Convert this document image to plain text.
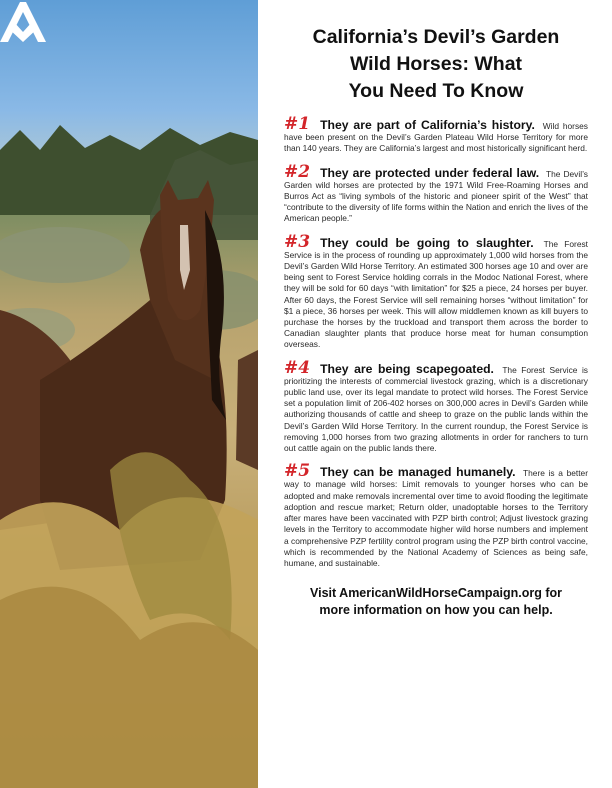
California’s Devil’s Garden
Wild Horses: What
You Need To Know

#1 They are part of California’s history. Wild horses have been present on the Devil’s Garden Plateau Wild Horse Territory for more than 140 years. They are California’s largest and most historically significant herd.

#2 They are protected under federal law. The Devil’s Garden wild horses are protected by the 1971 Wild Free-Roaming Horses and Burros Act as “living symbols of the historic and pioneer spirit of the West” that “contribute to the diversity of life forms within the Nation and enrich the lives of the American people.”

#3 They could be going to slaughter. The Forest Service is in the process of rounding up approximately 1,000 wild horses from the Devil’s Garden Wild Horse Territory. An estimated 300 horses age 10 and over are being sent to Forest Service holding corrals in the Modoc National Forest, where they will be sold for 60 days “with limitation” for $25 a piece, 24 horses per buyer. After 60 days, the Forest Service will sell remaining horses “without limitation” for $1 a piece, 36 horses per week. This will allow middlemen known as kill buyers to purchase the horses by the truckload and transport them across the border to Canadian slaughter plants that produce horse meat for human consumption overseas.

#4 They are being scapegoated. The Forest Service is prioritizing the interests of commercial livestock grazing, which is a discretionary public land use, over its legal mandate to protect wild horses. The Forest Service set a population limit of 206-402 horses on 300,000 acres in Devil’s Garden while authorizing thousands of cattle and sheep to graze on the public lands within the Devil’s Garden Wild Horse Territory. In the current roundup, the Forest Service is removing 1,000 horses from two grazing allotments in order for ranchers to turn out cattle again on the public lands there.

#5 They can be managed humanely. There is a better way to manage wild horses: Limit removals to younger horses who can be adopted and make removals incremental over time to avoid flooding the legitimate adoption and rescue market; Return older, unadoptable horses to the Territory after mares have been vaccinated with PZP birth control; Adjust livestock grazing levels in the Territory to accommodate higher wild horse numbers and implement a comprehensive PZP fertility control program using the PZP birth control vaccine, which is recommended by the National Academy of Sciences as being safe, humane, and sustainable.

Visit AmericanWildHorseCampaign.org for
more information on how you can help.
